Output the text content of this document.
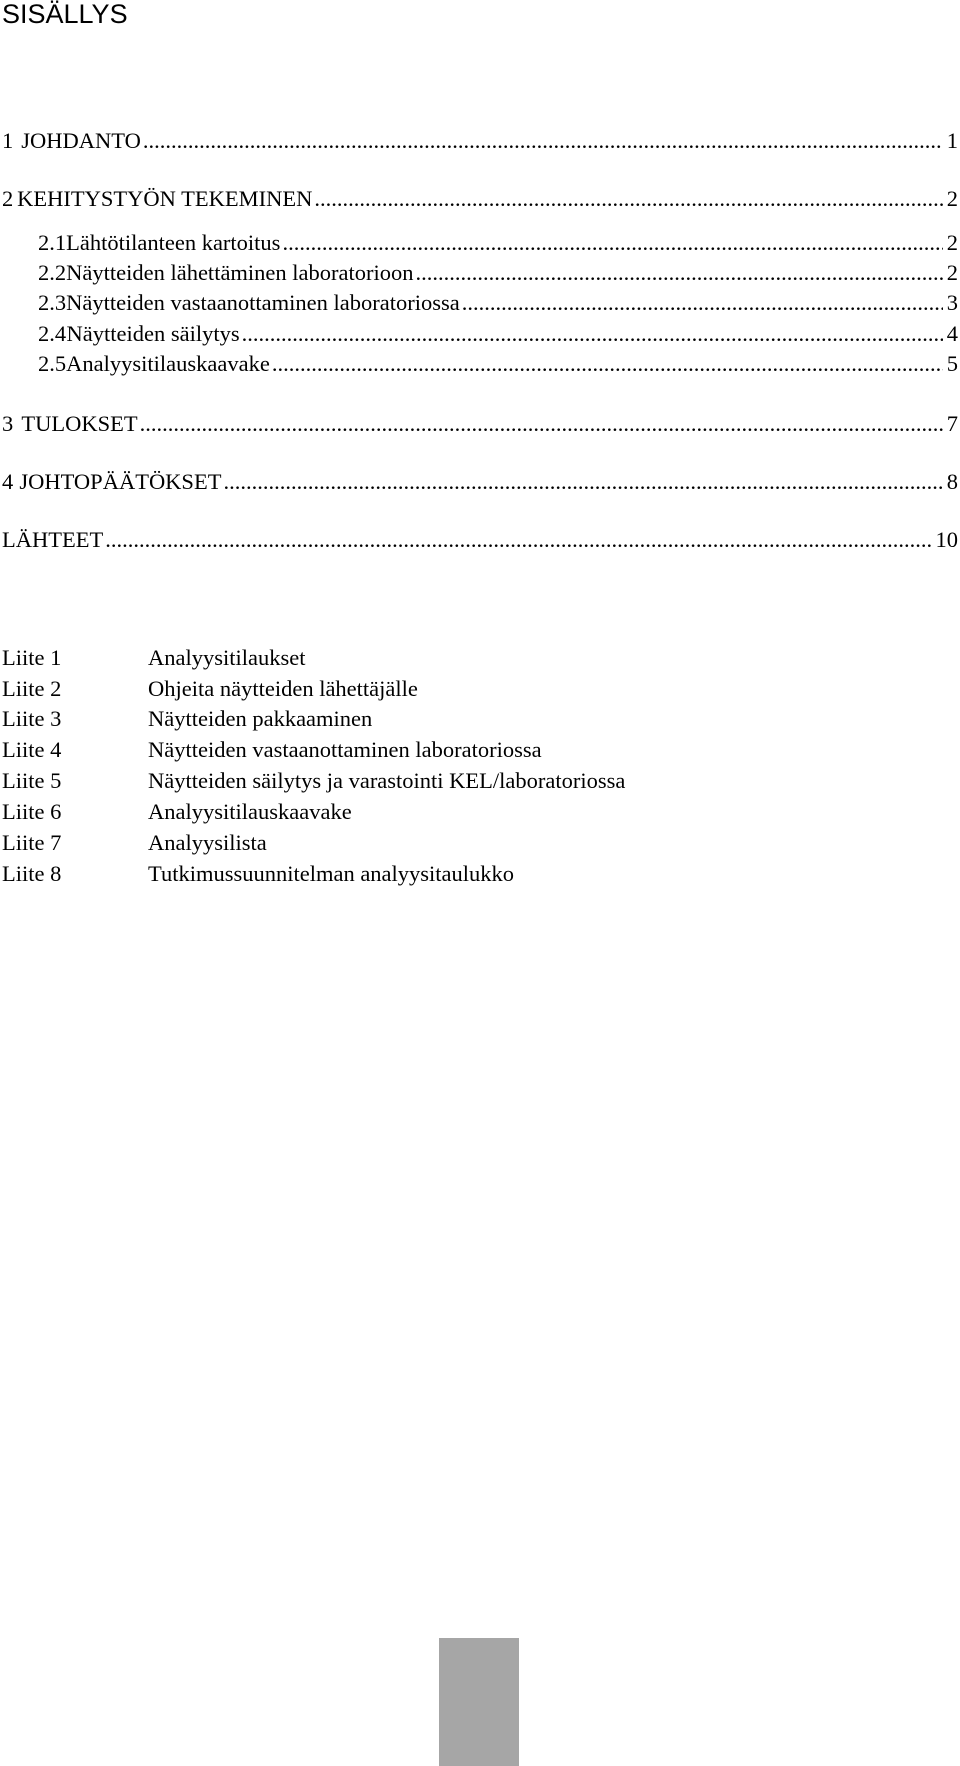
SISÄLLYS
1 JOHDANTO .....	1
2 KEHITYSTYÖN TEKEMINEN .....	2
2.1 Lähtötilanteen kartoitus .....	2
2.2 Näytteiden lähettäminen laboratorioon .....	2
2.3 Näytteiden vastaanottaminen laboratoriossa .....	3
2.4 Näytteiden säilytys .....	4
2.5 Analyysitilauskaavake .....	5
3 TULOKSET .....	7
4 JOHTOPÄÄTÖKSET .....	8
LÄHTEET .....	10
Liite 1	Analyysitilaukset
Liite 2	Ohjeita näytteiden lähettäjälle
Liite 3	Näytteiden pakkaaminen
Liite 4	Näytteiden vastaanottaminen laboratoriossa
Liite 5	Näytteiden säilytys ja varastointi KEL/laboratoriossa
Liite 6	Analyysitilauskaavake
Liite 7	Analyysilista
Liite 8	Tutkimussuunnitelman analyysitaulukko
